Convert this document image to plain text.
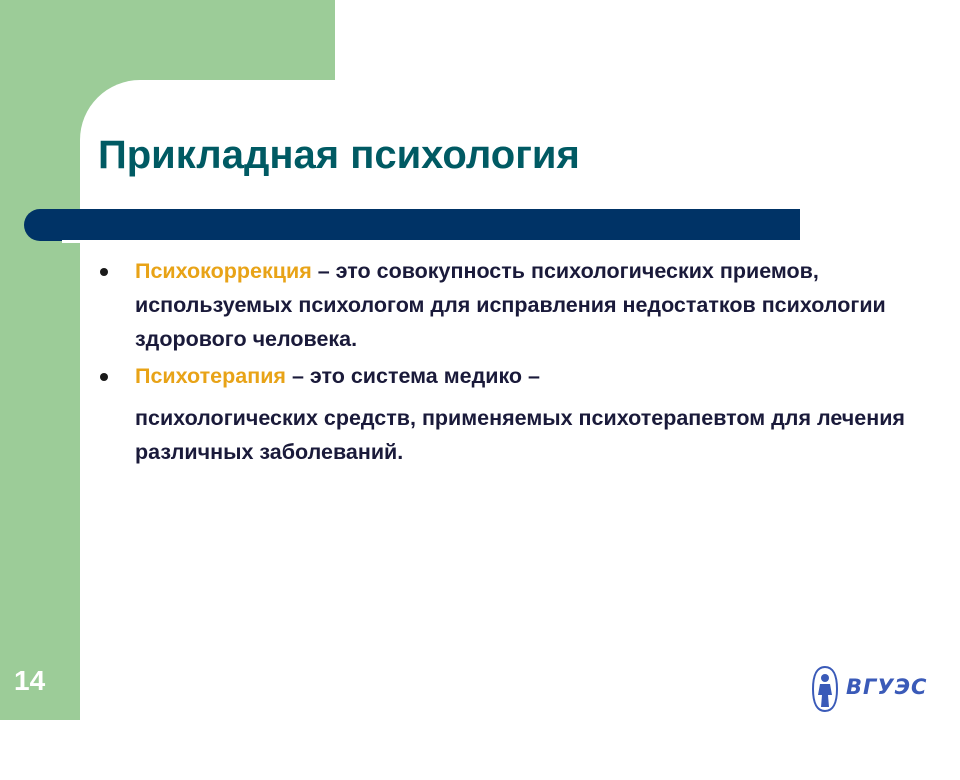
Прикладная психология
Психокоррекция – это совокупность психологических приемов, используемых психологом для исправления недостатков психологии здорового человека.
Психотерапия – это система медико –
психологических средств, применяемых психотерапевтом для лечения различных заболеваний.
14	ВГУЭС
